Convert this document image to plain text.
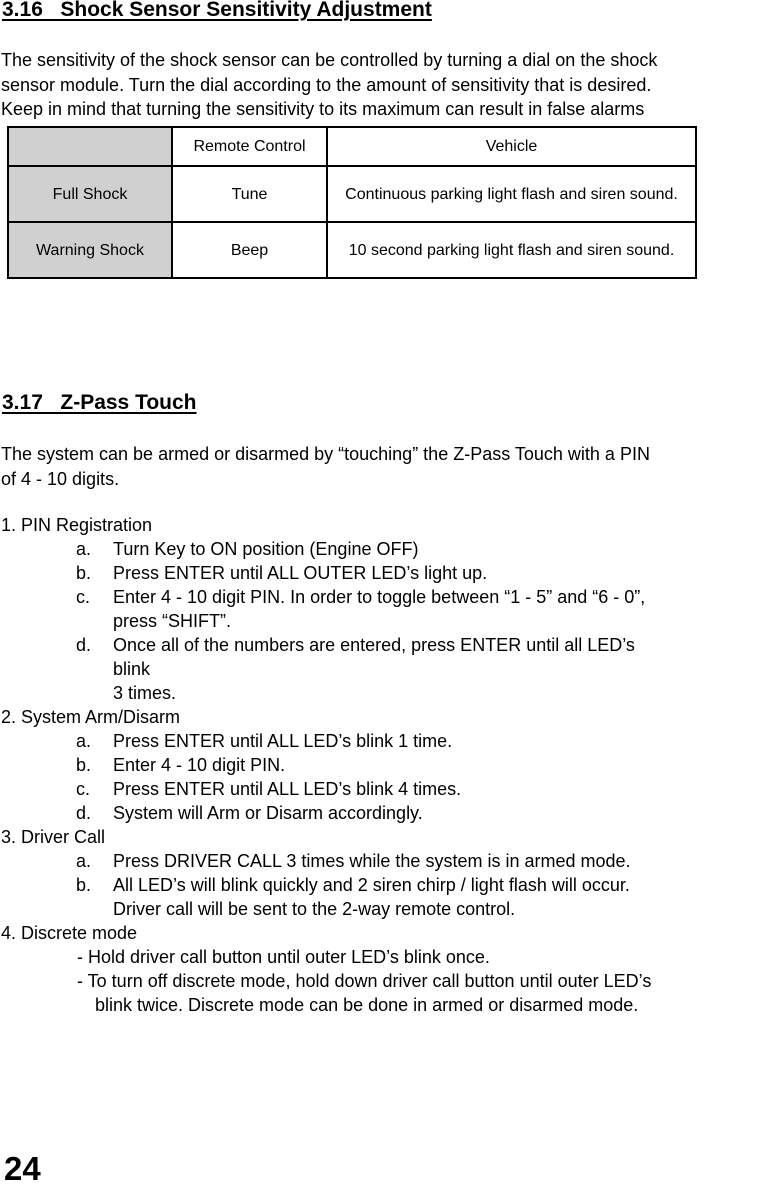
3.16   Shock Sensor Sensitivity Adjustment

The sensitivity of the shock sensor can be controlled by turning a dial on the shock
sensor module. Turn the dial according to the amount of sensitivity that is desired.
Keep in mind that turning the sensitivity to its maximum can result in false alarms

	Remote Control	Vehicle
Full Shock	Tune	Continuous parking light flash and siren sound.
Warning Shock	Beep	10 second parking light flash and siren sound.
3.17   Z-Pass Touch

The system can be armed or disarmed by “touching” the Z-Pass Touch with a PIN
of 4 - 10 digits.

1. PIN Registration
a. Turn Key to ON position (Engine OFF)
b. Press ENTER until ALL OUTER LED’s light up.
c. Enter 4 - 10 digit PIN. In order to toggle between “1 - 5” and “6 - 0”,
press “SHIFT”.
d. Once all of the numbers are entered, press ENTER until all LED’s
blink
3 times.
2. System Arm/Disarm
a. Press ENTER until ALL LED’s blink 1 time.
b. Enter 4 - 10 digit PIN.
c. Press ENTER until ALL LED’s blink 4 times.
d. System will Arm or Disarm accordingly.
3. Driver Call
a. Press DRIVER CALL 3 times while the system is in armed mode.
b. All LED’s will blink quickly and 2 siren chirp / light flash will occur.
Driver call will be sent to the 2-way remote control.
4. Discrete mode
- Hold driver call button until outer LED’s blink once.
- To turn off discrete mode, hold down driver call button until outer LED’s
blink twice. Discrete mode can be done in armed or disarmed mode.
24
